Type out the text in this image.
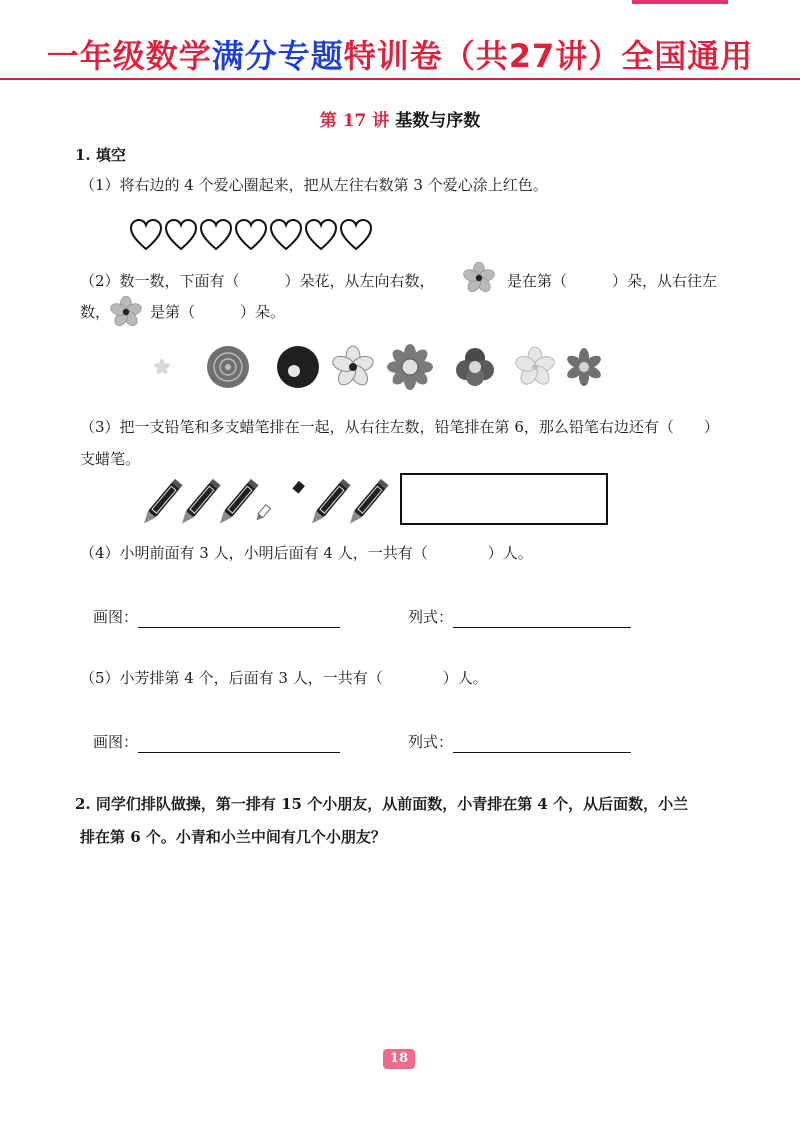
一年级数学满分专题特训卷（共27讲）全国通用
第 17 讲 基数与序数
1. 填空
（1）将右边的 4 个爱心圈起来，把从左往右数第 3 个爱心涂上红色。
（2）数一数，下面有（　　　）朵花，从左向右数，	是在第（　　　）朵，从右往左
数，	是第（　　　）朵。
（3）把一支铅笔和多支蜡笔排在一起，从右往左数，铅笔排在第 6，那么铅笔右边还有（　　）
支蜡笔。
（4）小明前面有 3 人，小明后面有 4 人，一共有（　　　　）人。
画图：	列式：
（5）小芳排第 4 个，后面有 3 人，一共有（　　　　）人。
画图：	列式：
2. 同学们排队做操，第一排有 15 个小朋友，从前面数，小青排在第 4 个，从后面数，小兰
排在第 6 个。小青和小兰中间有几个小朋友？
18
